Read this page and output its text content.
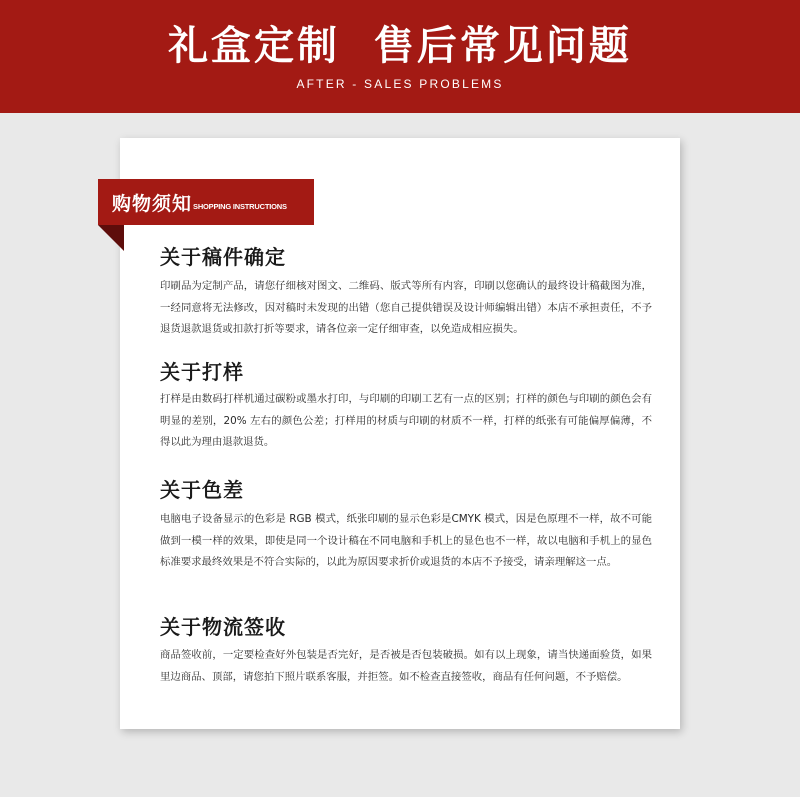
礼盒定制  售后常见问题
AFTER - SALES PROBLEMS
购物须知 SHOPPING INSTRUCTIONS
关于稿件确定
印刷品为定制产品，请您仔细核对图文、二维码、版式等所有内容，印刷以您确认的最终设计稿截图为准，一经同意将无法修改，因对稿时未发现的出错（您自己提供错误及设计师编辑出错）本店不承担责任，不予退货退款退货或扣款打折等要求，请各位亲一定仔细审查，以免造成相应损失。
关于打样
打样是由数码打样机通过碳粉或墨水打印，与印刷的印刷工艺有一点的区别；打样的颜色与印刷的颜色会有明显的差别，20% 左右的颜色公差；打样用的材质与印刷的材质不一样，打样的纸张有可能偏厚偏薄，不得以此为理由退款退货。
关于色差
电脑电子设备显示的色彩是 RGB 模式，纸张印刷的显示色彩是CMYK 模式，因是色原理不一样，故不可能做到一模一样的效果，即使是同一个设计稿在不同电脑和手机上的显色也不一样，故以电脑和手机上的显色标准要求最终效果是不符合实际的，以此为原因要求折价或退货的本店不予接受，请亲理解这一点。
关于物流签收
商品签收前，一定要检查好外包装是否完好，是否被是否包装破损。如有以上现象，请当快递面验货，如果里边商品、顶部，请您拍下照片联系客服，并拒签。如不检查直接签收，商品有任何问题，不予赔偿。
